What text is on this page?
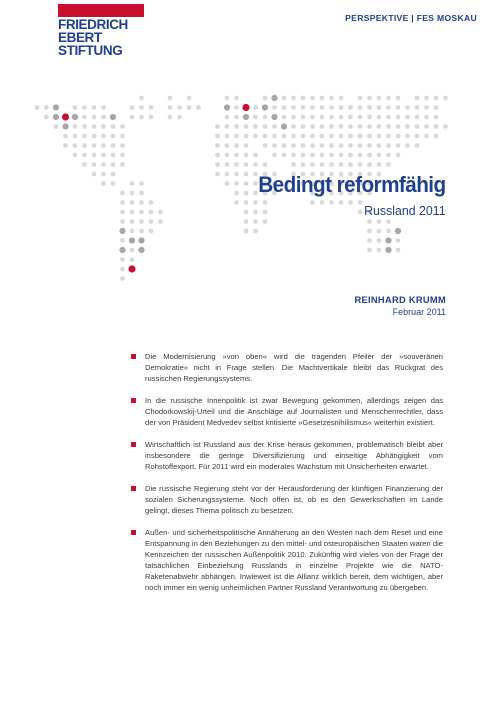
FRIEDRICH
EBERT
STIFTUNG
PERSPEKTIVE | FES MOSKAU
Bedingt reformfähig
Russland 2011
REINHARD KRUMM
Februar 2011
Die Modernisierung »von oben« wird die tragenden Pfeiler der »souveränen Demokratie« nicht in Frage stellen. Die Machtvertikale bleibt das Rückgrat des russischen Regierungssystems.
In die russische Innenpolitik ist zwar Bewegung gekommen, allerdings zeigen das Chodorkowskij-Urteil und die Anschläge auf Journalisten und Menschenrechtler, dass der von Präsident Medvedev selbst kritisierte »Gesetzesnihilismus« weiterhin existiert.
Wirtschaftlich ist Russland aus der Krise heraus gekommen, problematisch bleibt aber insbesondere die geringe Diversifizierung und einseitige Abhängigkeit vom Rohstoffexport. Für 2011 wird ein moderates Wachstum mit Unsicherheiten erwartet.
Die russische Regierung steht vor der Herausforderung der künftigen Finanzierung der sozialen Sicherungssysteme. Noch offen ist, ob es den Gewerkschaften im Lande gelingt, dieses Thema politisch zu besetzen.
Außen- und sicherheitspolitische Annäherung an den Westen nach dem Reset und eine Entspannung in den Beziehungen zu den mittel- und osteuropäischen Staaten waren die Kennzeichen der russischen Außenpolitik 2010. Zukünftig wird vieles von der Frage der tatsächlichen Einbeziehung Russlands in einzelne Projekte wie die NATO-Raketenabwehr abhängen. Inwieweit ist die Allianz wirklich bereit, dem wichtigen, aber noch immer ein wenig unheimlichen Partner Russland Verantwortung zu übergeben.
